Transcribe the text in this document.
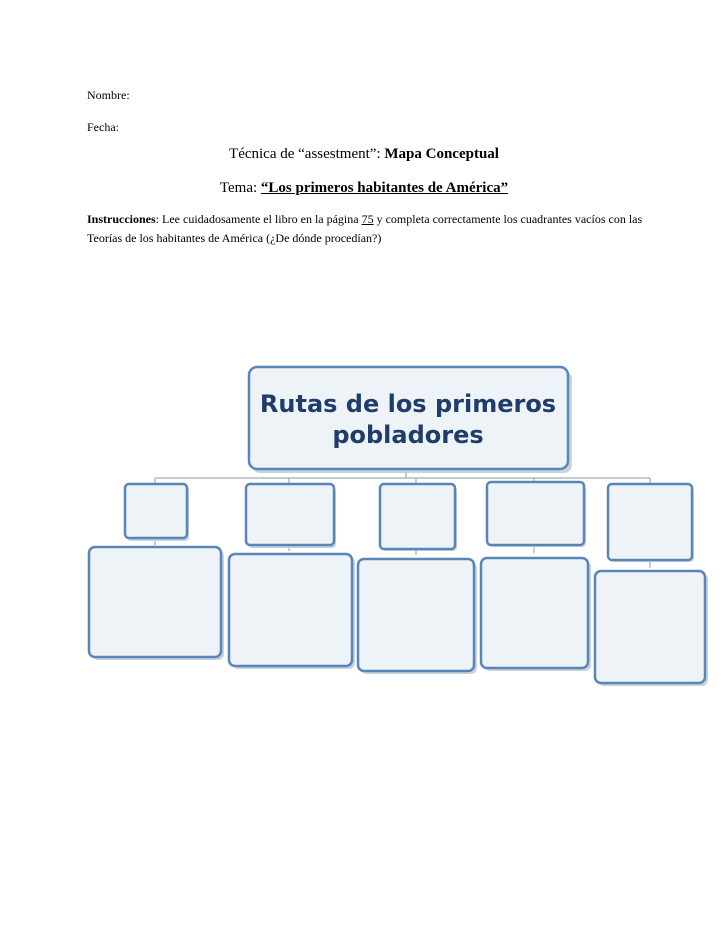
Nombre:
Fecha:
Técnica de “assestment”: Mapa Conceptual
Tema: “Los primeros habitantes de América”
Instrucciones: Lee cuidadosamente el libro en la página 75 y completa correctamente los cuadrantes vacíos con las Teorías de los habitantes de América (¿De dónde procedían?)
Rutas de los primeros
pobladores
